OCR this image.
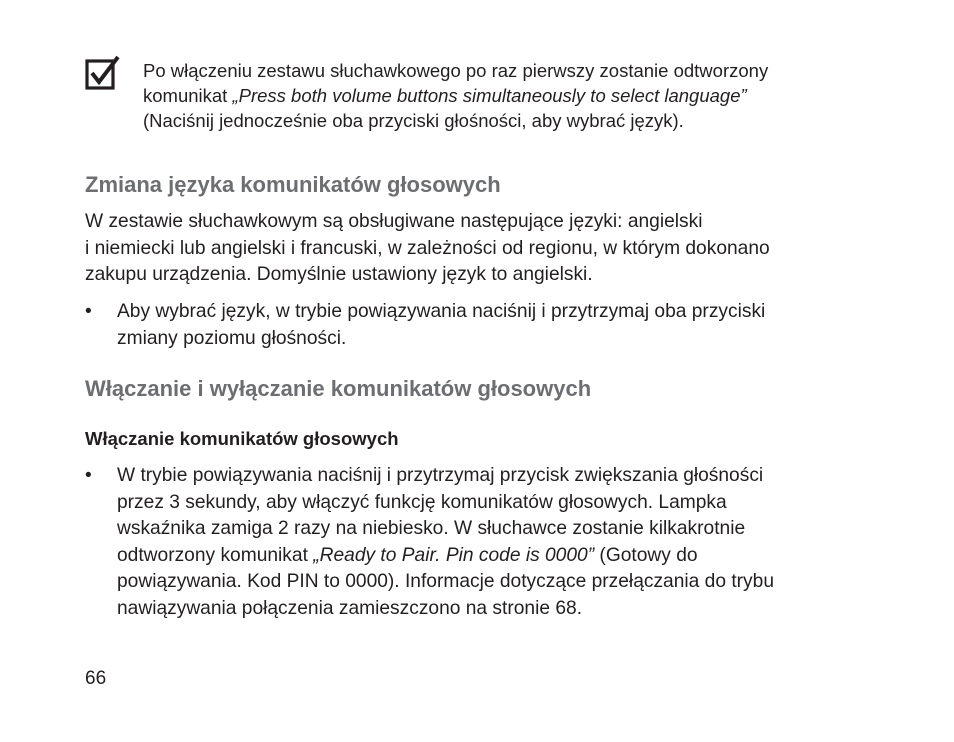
Po włączeniu zestawu słuchawkowego po raz pierwszy zostanie odtworzony
komunikat „Press both volume buttons simultaneously to select language”
(Naciśnij jednocześnie oba przyciski głośności, aby wybrać język).
Zmiana języka komunikatów głosowych
W zestawie słuchawkowym są obsługiwane następujące języki: angielski
i niemiecki lub angielski i francuski, w zależności od regionu, w którym dokonano
zakupu urządzenia. Domyślnie ustawiony język to angielski.
•	Aby wybrać język, w trybie powiązywania naciśnij i przytrzymaj oba przyciski
zmiany poziomu głośności.
Włączanie i wyłączanie komunikatów głosowych
Włączanie komunikatów głosowych
•	W trybie powiązywania naciśnij i przytrzymaj przycisk zwiększania głośności
przez 3 sekundy, aby włączyć funkcję komunikatów głosowych. Lampka
wskaźnika zamiga 2 razy na niebiesko. W słuchawce zostanie kilkakrotnie
odtworzony komunikat „Ready to Pair. Pin code is 0000” (Gotowy do
powiązywania. Kod PIN to 0000). Informacje dotyczące przełączania do trybu
nawiązywania połączenia zamieszczono na stronie 68.
66
